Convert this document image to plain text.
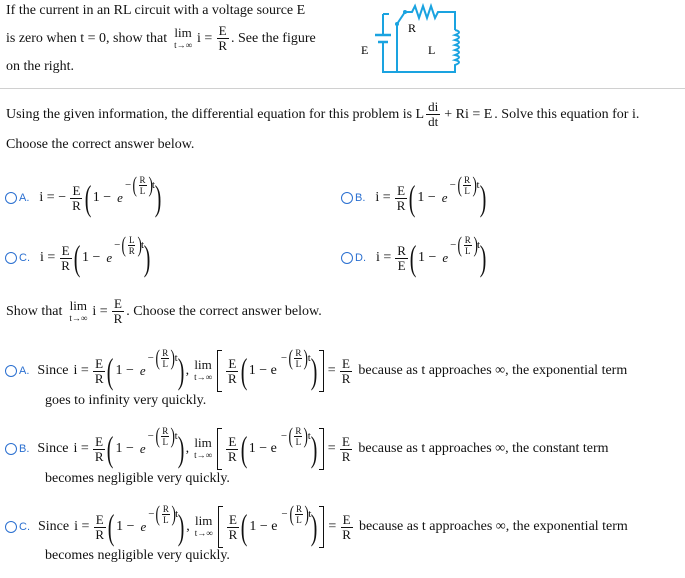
If the current in an RL circuit with a voltage source E
is zero when t = 0, show that lim
t→∞ $i = \frac{E}{R}$ . See the figure
on the right.
R
L
E
Using the given information, the differential equation for this problem is L $\frac{di}{dt} + Ri = E$ . Solve this equation for i.
Choose the correct answer below.
A. i = − $\frac{E}{R}$ ( 1 − e
− ( $\frac{R}{L}$ ) t )	B. $i = \frac{E}{R}$ ( 1 − e
− ( $\frac{R}{L}$ ) t )
C. $i = \frac{E}{R}$ ( 1 − e
− ( $\frac{L}{R}$ ) t )	D. $i = \frac{R}{E}$ ( 1 − e
− ( $\frac{R}{L}$ ) t )
Show that lim
t→∞ $i = \frac{E}{R}$ . Choose the correct answer below.
A. Since $i = \frac{E}{R}$ ( 1 − e
− ( $\frac{R}{L}$ ) t ) , lim
$t\to\infty \frac{E}{R}$ ( 1 − e
− ( $\frac{R}{L}$ ) t ) = $\frac{E}{R}$ because as t approaches ∞, the exponential term
goes to infinity very quickly.
B. Since $i = \frac{E}{R}$ ( 1 − e
− ( $\frac{R}{L}$ ) t ) , lim
$t\to\infty \frac{E}{R}$ ( 1 − e
− ( $\frac{R}{L}$ ) t ) = $\frac{E}{R}$ because as t approaches ∞, the constant term
becomes negligible very quickly.
C. Since $i = \frac{E}{R}$ ( 1 − e
− ( $\frac{R}{L}$ ) t ) , lim
$t\to\infty \frac{E}{R}$ ( 1 − e
− ( $\frac{R}{L}$ ) t ) = $\frac{E}{R}$ because as t approaches ∞, the exponential term
becomes negligible very quickly.
